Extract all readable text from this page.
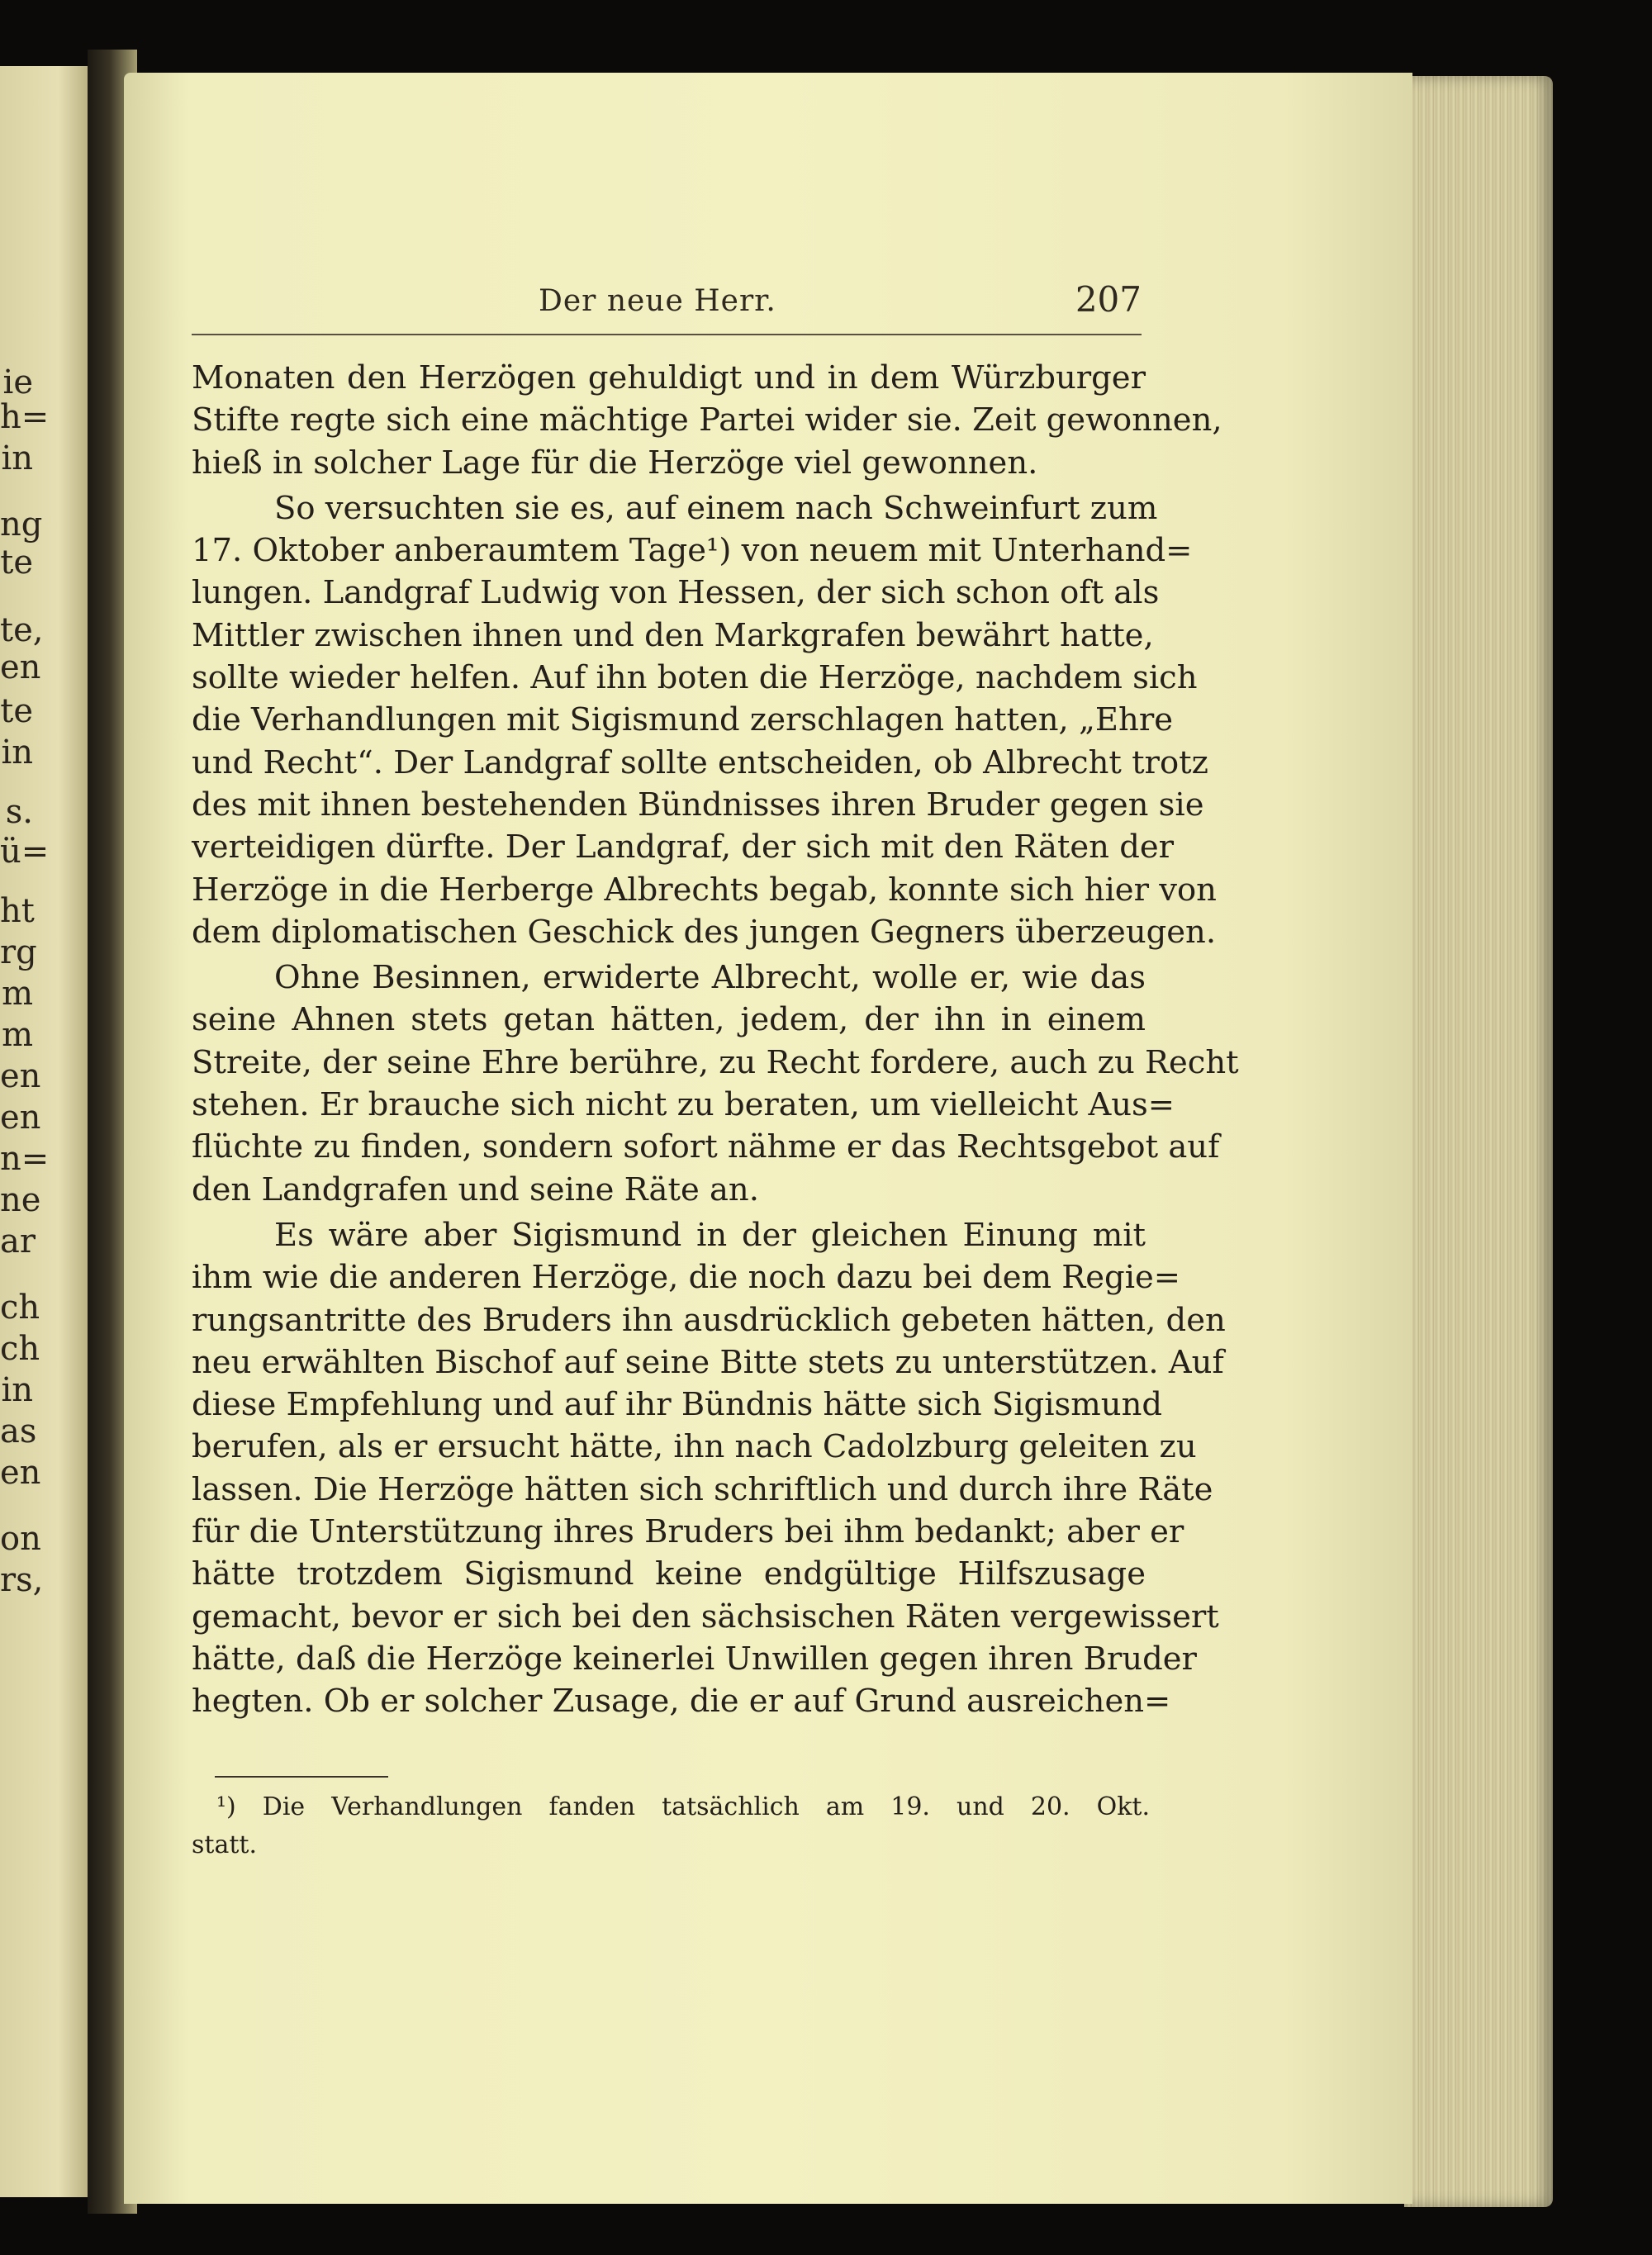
ie
h=
in
ng
te
te,
en
te
in
s.
ü=
ht
rg
m
m
en
en
n=
ne
ar
ch
ch
in
as
en
on
rs,
Der neue Herr.	207
Monaten den Herzögen gehuldigt und in dem Würzburger
Stifte regte sich eine mächtige Partei wider sie. Zeit gewonnen,
hieß in solcher Lage für die Herzöge viel gewonnen.
So versuchten sie es, auf einem nach Schweinfurt zum
17. Oktober anberaumtem Tage¹) von neuem mit Unterhand=
lungen. Landgraf Ludwig von Hessen, der sich schon oft als
Mittler zwischen ihnen und den Markgrafen bewährt hatte,
sollte wieder helfen. Auf ihn boten die Herzöge, nachdem sich
die Verhandlungen mit Sigismund zerschlagen hatten, „Ehre
und Recht“. Der Landgraf sollte entscheiden, ob Albrecht trotz
des mit ihnen bestehenden Bündnisses ihren Bruder gegen sie
verteidigen dürfte. Der Landgraf, der sich mit den Räten der
Herzöge in die Herberge Albrechts begab, konnte sich hier von
dem diplomatischen Geschick des jungen Gegners überzeugen.
Ohne Besinnen, erwiderte Albrecht, wolle er, wie das
seine Ahnen stets getan hätten, jedem, der ihn in einem
Streite, der seine Ehre berühre, zu Recht fordere, auch zu Recht
stehen. Er brauche sich nicht zu beraten, um vielleicht Aus=
flüchte zu finden, sondern sofort nähme er das Rechtsgebot auf
den Landgrafen und seine Räte an.
Es wäre aber Sigismund in der gleichen Einung mit
ihm wie die anderen Herzöge, die noch dazu bei dem Regie=
rungsantritte des Bruders ihn ausdrücklich gebeten hätten, den
neu erwählten Bischof auf seine Bitte stets zu unterstützen. Auf
diese Empfehlung und auf ihr Bündnis hätte sich Sigismund
berufen, als er ersucht hätte, ihn nach Cadolzburg geleiten zu
lassen. Die Herzöge hätten sich schriftlich und durch ihre Räte
für die Unterstützung ihres Bruders bei ihm bedankt; aber er
hätte trotzdem Sigismund keine endgültige Hilfszusage
gemacht, bevor er sich bei den sächsischen Räten vergewissert
hätte, daß die Herzöge keinerlei Unwillen gegen ihren Bruder
hegten. Ob er solcher Zusage, die er auf Grund ausreichen=
¹) Die Verhandlungen fanden tatsächlich am 19. und 20. Okt.
statt.
